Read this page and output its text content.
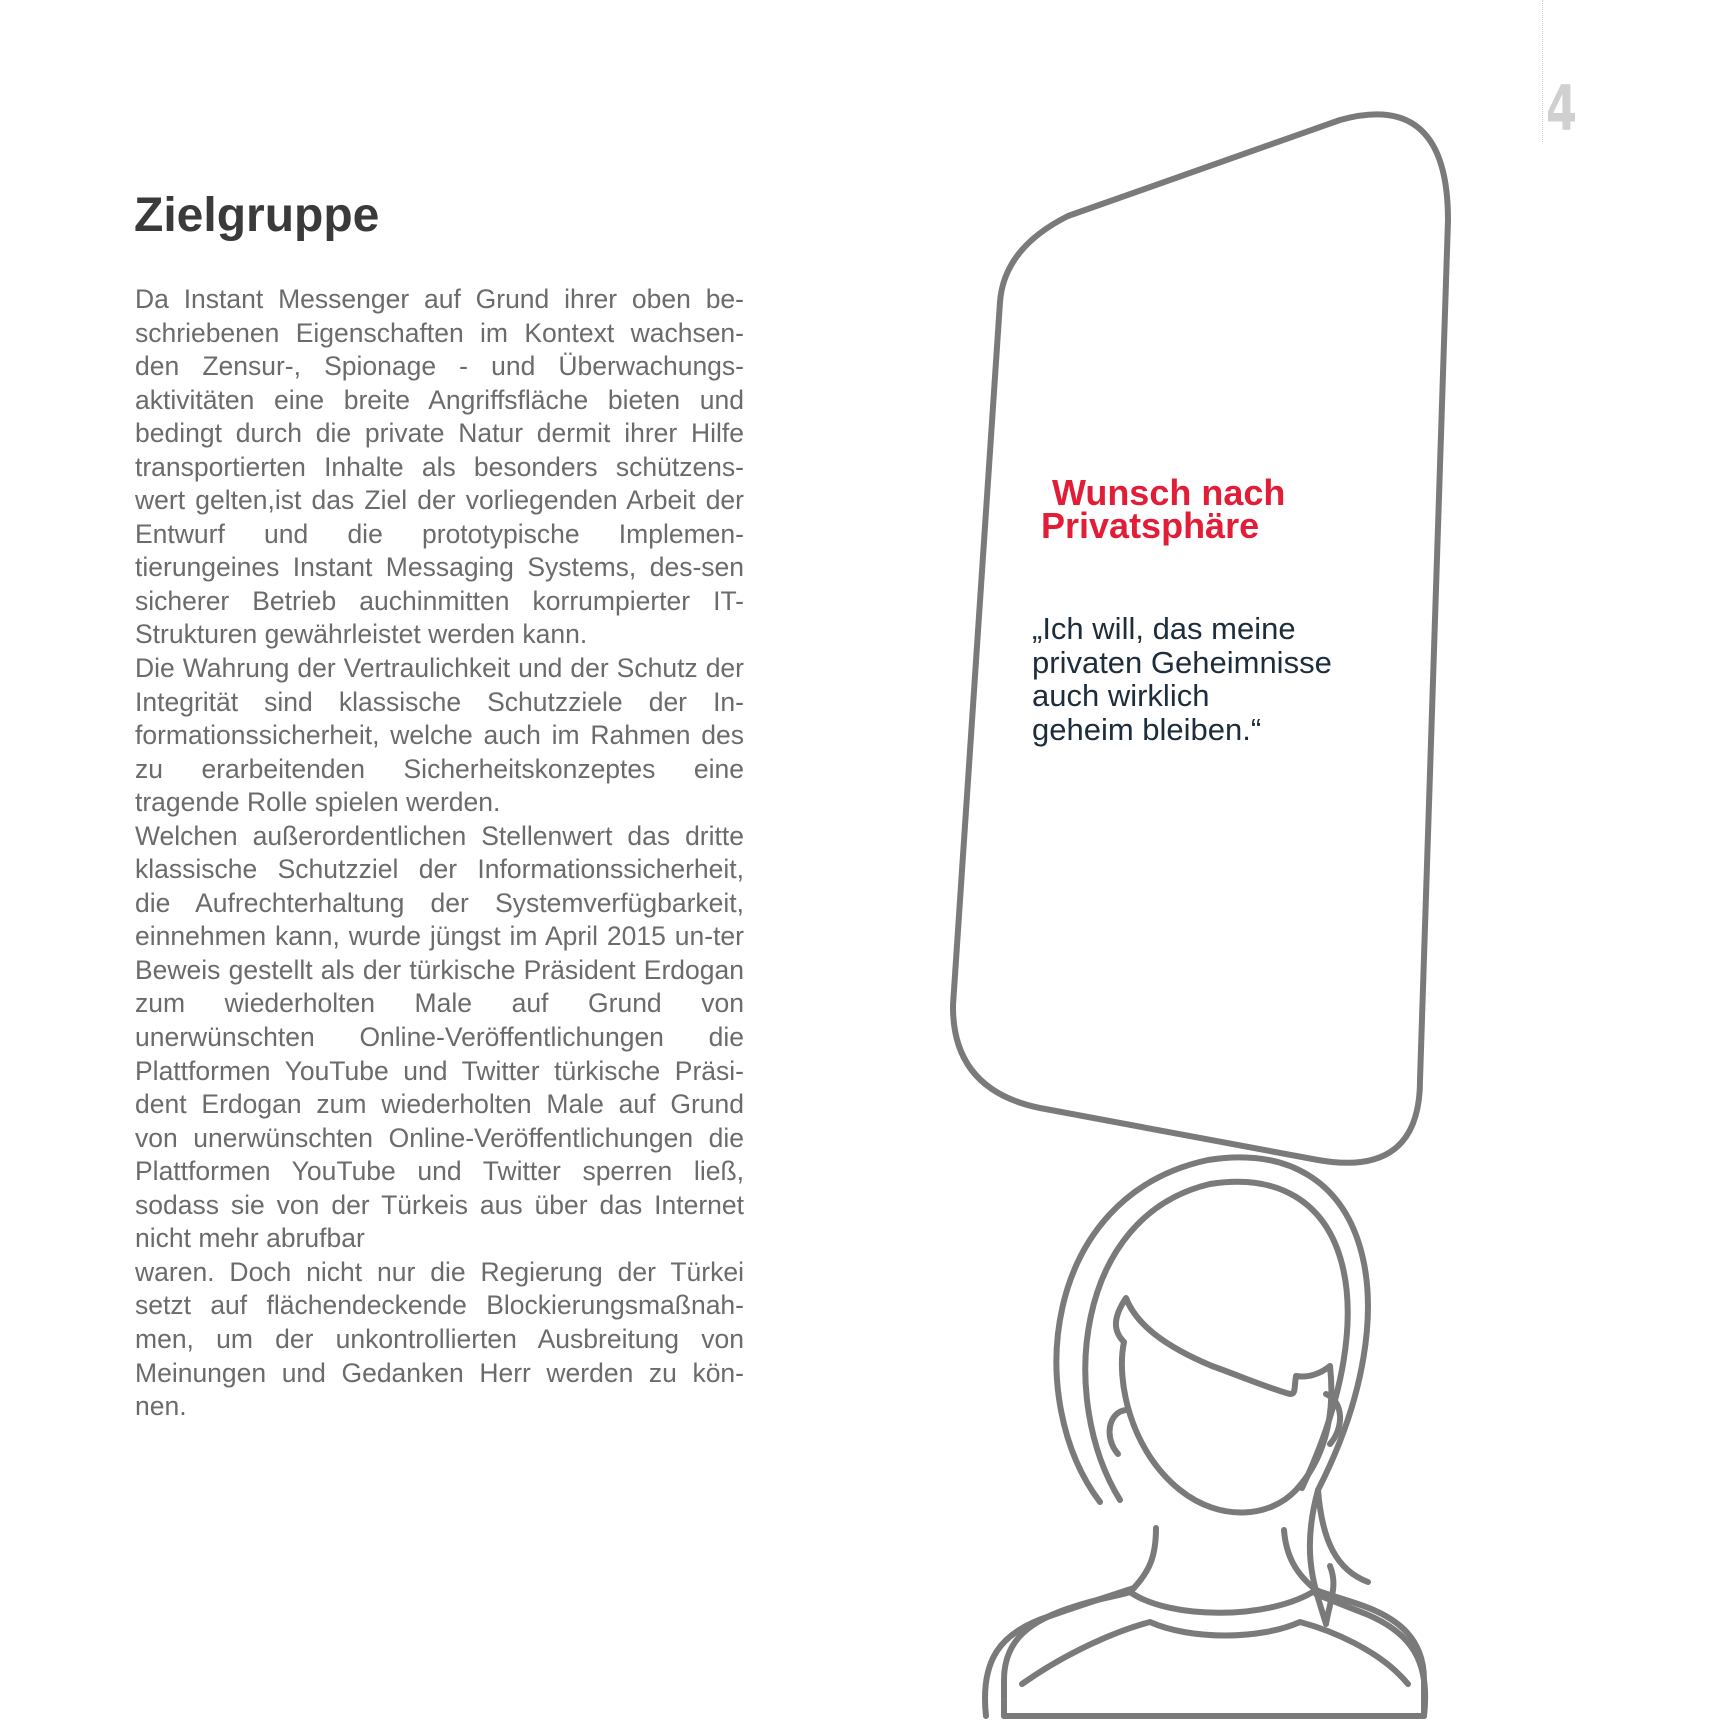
4
Zielgruppe

Da Instant Messenger auf Grund ihrer oben be-schriebenen Eigenschaften im Kontext wachsen-den Zensur-, Spionage - und Überwachungs-aktivitäten eine breite Angriffsfläche bieten und bedingt durch die private Natur dermit ihrer Hilfe transportierten Inhalte als besonders schützens-wert gelten,ist das Ziel der vorliegenden Arbeit der Entwurf und die prototypische Implemen-tierungeines Instant Messaging Systems, des-sen sicherer Betrieb auchinmitten korrumpierter IT-Strukturen gewährleistet werden kann.

Die Wahrung der Vertraulichkeit und der Schutz der Integrität sind klassische Schutzziele der In-formationssicherheit, welche auch im Rahmen des zu erarbeitenden Sicherheitskonzeptes eine tragende Rolle spielen werden.

Welchen außerordentlichen Stellenwert das dritte klassische Schutzziel der Informationssicherheit, die Aufrechterhaltung der Systemverfügbarkeit, einnehmen kann, wurde jüngst im April 2015 un-ter Beweis gestellt als der türkische Präsident Erdogan zum wiederholten Male auf Grund von unerwünschten Online-Veröffentlichungen die Plattformen YouTube und Twitter türkische Präsi-dent Erdogan zum wiederholten Male auf Grund von unerwünschten Online-Veröffentlichungen die Plattformen YouTube und Twitter sperren ließ, sodass sie von der Türkeis aus über das Internet nicht mehr abrufbar

waren. Doch nicht nur die Regierung der Türkei setzt auf flächendeckende Blockierungsmaßnah-men, um der unkontrollierten Ausbreitung von Meinungen und Gedanken Herr werden zu kön-nen.

Wunsch nach
Privatsphäre

„Ich will, das meine
privaten Geheimnisse
auch wirklich
geheim bleiben.“
